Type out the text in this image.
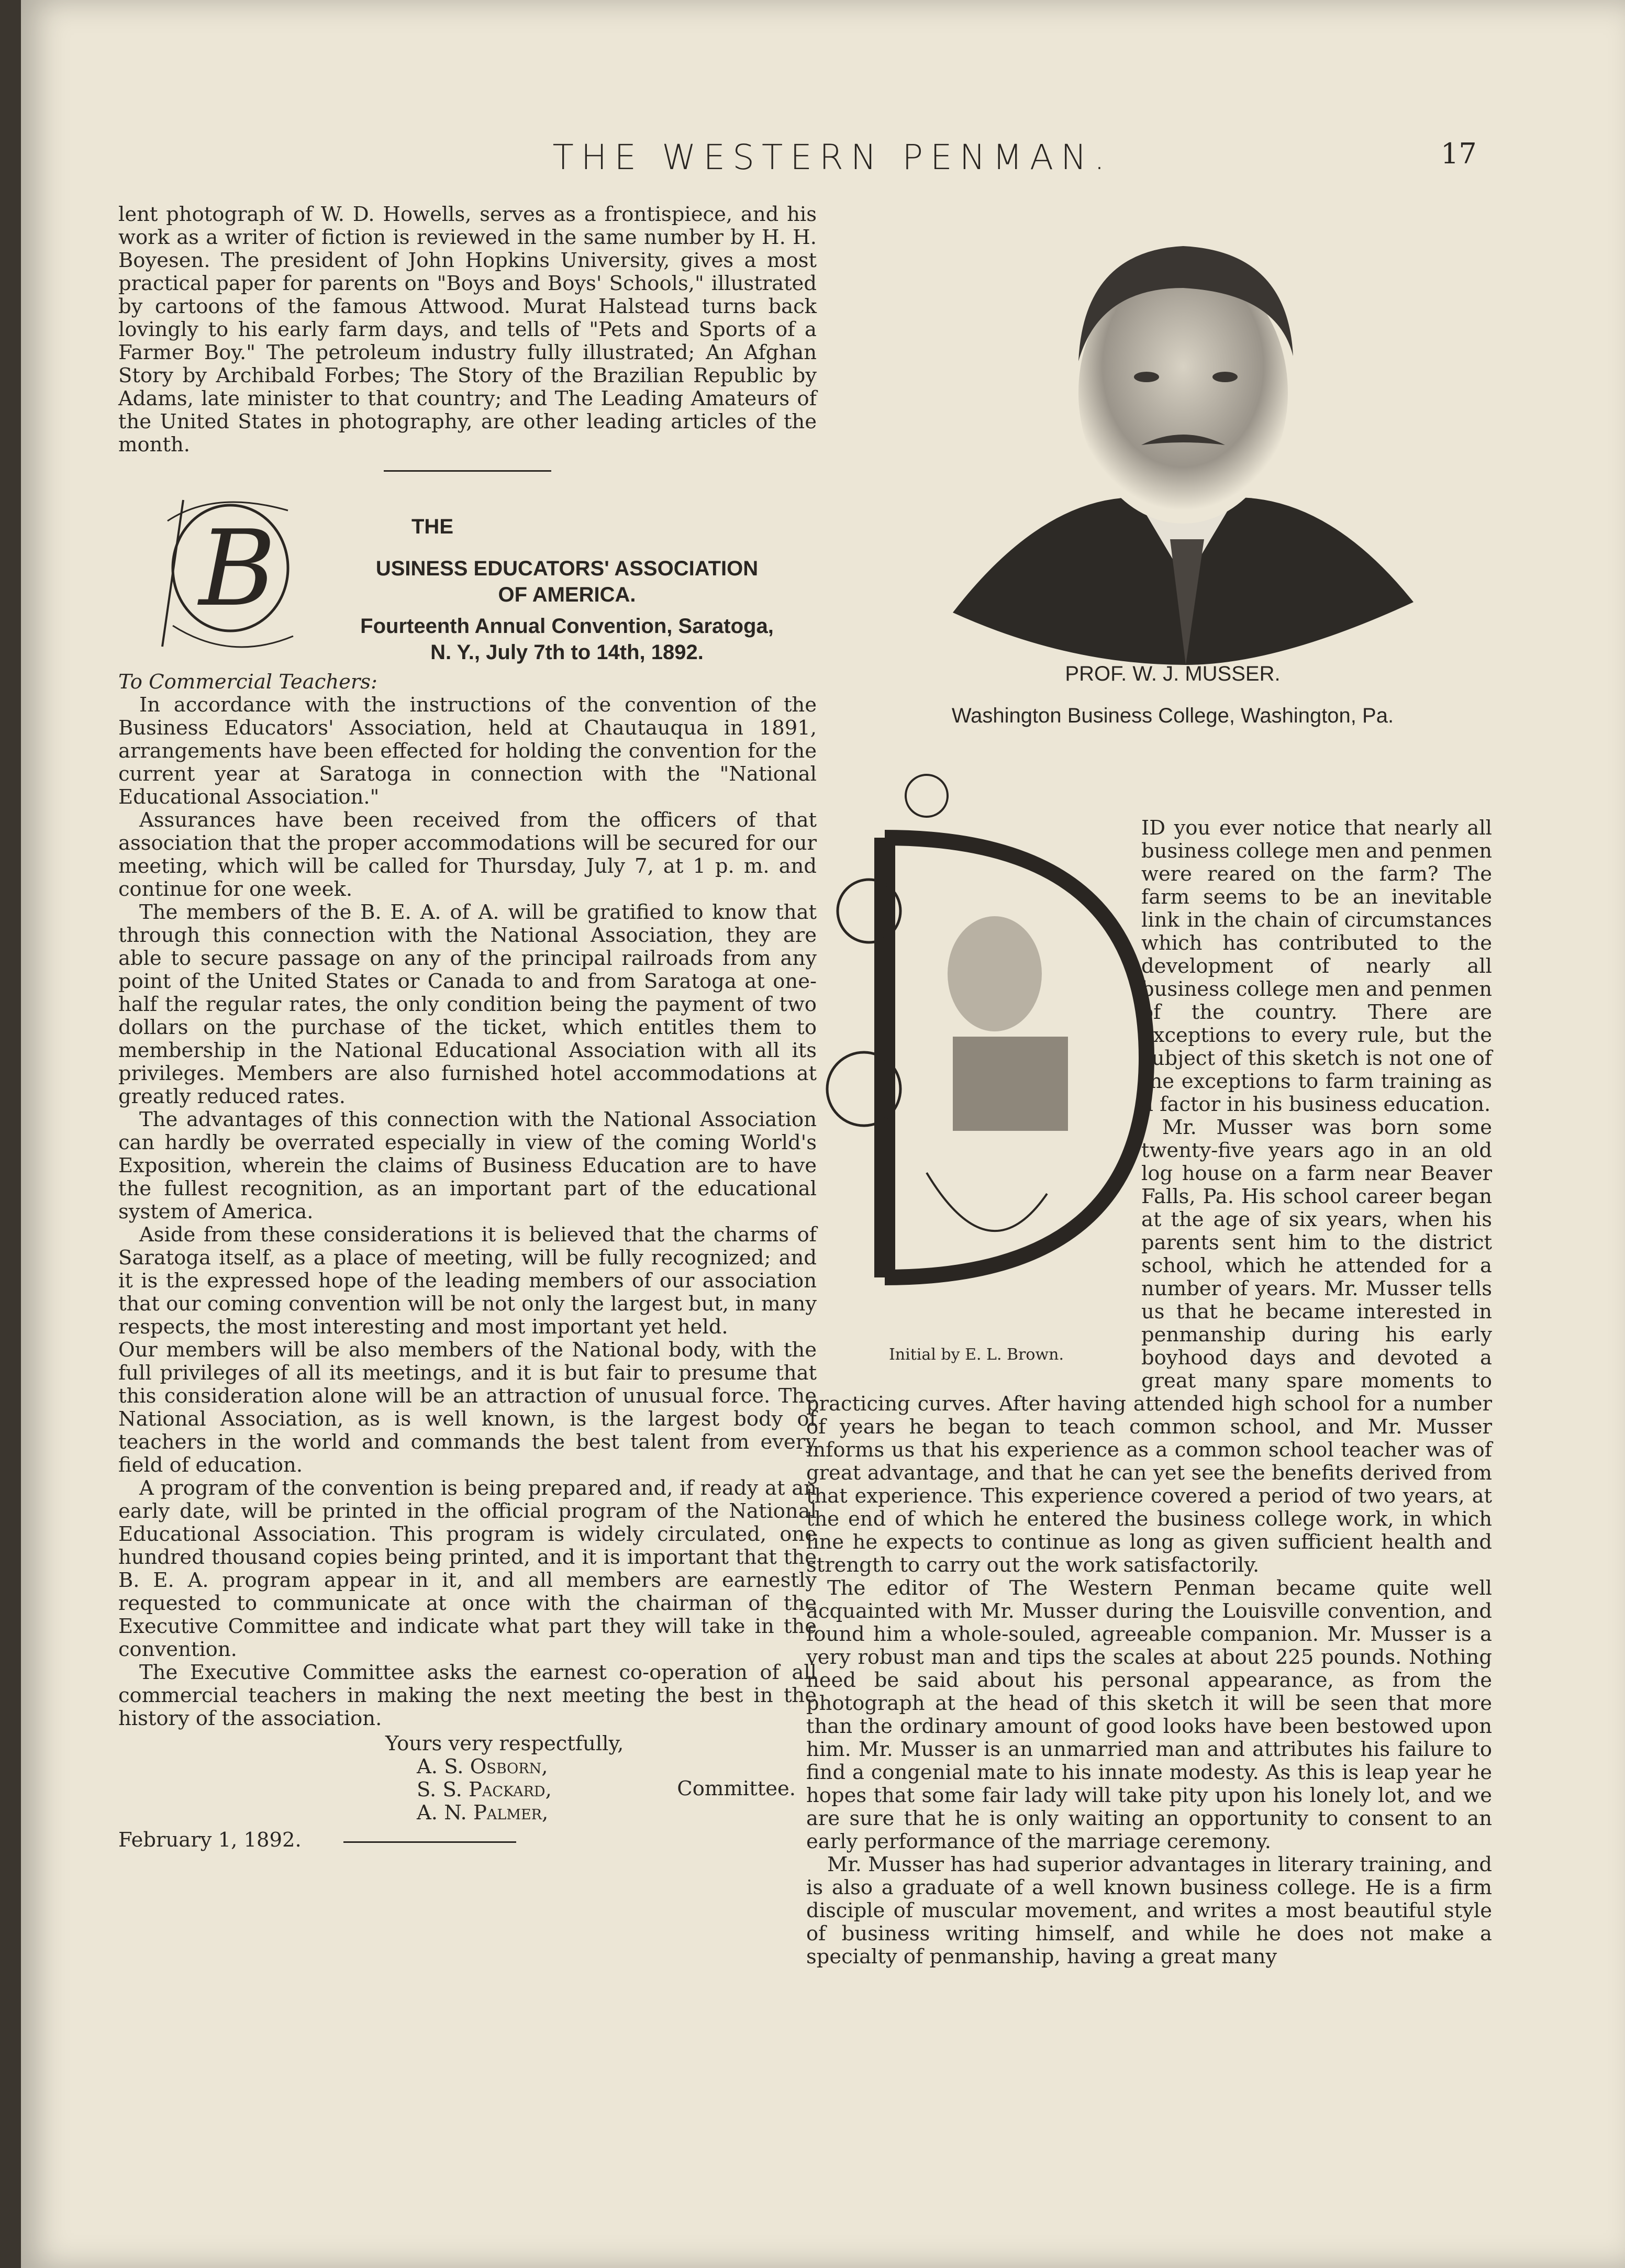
THE WESTERN PENMAN.	17
PROF. W. J. MUSSER.
Washington Business College, Washington, Pa.
B

lent photograph of W. D. Howells, serves as a frontispiece, and his work as a writer of fiction is reviewed in the same number by H. H. Boyesen. The president of John Hopkins University, gives a most practical paper for parents on "Boys and Boys' Schools," illustrated by cartoons of the famous Attwood. Murat Halstead turns back lovingly to his early farm days, and tells of "Pets and Sports of a Farmer Boy." The petroleum industry fully illustrated; An Afghan Story by Archibald Forbes; The Story of the Brazilian Republic by Adams, late minister to that country; and The Leading Amateurs of the United States in photography, are other leading articles of the month.

THE
USINESS EDUCATORS' ASSOCIATION
OF AMERICA.
Fourteenth Annual Convention, Saratoga,
N. Y., July 7th to 14th, 1892.

To Commercial Teachers:

In accordance with the instructions of the convention of the Business Educators' Association, held at Chautauqua in 1891, arrangements have been effected for holding the convention for the current year at Saratoga in connection with the "National Educational Association."

Assurances have been received from the officers of that association that the proper accommodations will be secured for our meeting, which will be called for Thursday, July 7, at 1 p. m. and continue for one week.

The members of the B. E. A. of A. will be gratified to know that through this connection with the National Association, they are able to secure passage on any of the principal railroads from any point of the United States or Canada to and from Saratoga at one-half the regular rates, the only condition being the payment of two dollars on the purchase of the ticket, which entitles them to membership in the National Educational Association with all its privileges. Members are also furnished hotel accommodations at greatly reduced rates.

The advantages of this connection with the National Association can hardly be overrated especially in view of the coming World's Exposition, wherein the claims of Business Education are to have the fullest recognition, as an important part of the educational system of America.

Aside from these considerations it is believed that the charms of Saratoga itself, as a place of meeting, will be fully recognized; and it is the expressed hope of the leading members of our association that our coming convention will be not only the largest but, in many respects, the most interesting and most important yet held.

Our members will be also members of the National body, with the full privileges of all its meetings, and it is but fair to presume that this consideration alone will be an attraction of unusual force. The National Association, as is well known, is the largest body of teachers in the world and commands the best talent from every field of education.

A program of the convention is being prepared and, if ready at an early date, will be printed in the official program of the National Educational Association. This program is widely circulated, one hundred thousand copies being printed, and it is important that the B. E. A. program appear in it, and all members are earnestly requested to communicate at once with the chairman of the Executive Committee and indicate what part they will take in the convention.

The Executive Committee asks the earnest co-operation of all commercial teachers in making the next meeting the best in the history of the association.

Yours very respectfully,
A. S. Osborn,
S. S. Packard,
A. N. Palmer,
Committee.
February 1, 1892.

ID you ever notice that nearly all business college men and penmen were reared on the farm? The farm seems to be an inevitable link in the chain of circumstances which has contributed to the development of nearly all business college men and penmen of the country. There are exceptions to every rule, but the subject of this sketch is not one of the exceptions to farm training as a factor in his business education.

Mr. Musser was born some twenty-five years ago in an old log house on a farm near Beaver Falls, Pa. His school career began at the age of six years, when his parents sent him to the district school, which he attended for a number of years. Mr. Musser tells us that he became interested in penmanship during his early boyhood days and devoted a great many spare moments to practicing curves. After having attended high school for a number of years he began to teach common school, and Mr. Musser informs us that his experience as a common school teacher was of great advantage, and that he can yet see the benefits derived from that experience. This experience covered a period of two years, at the end of which he entered the business college work, in which line he expects to continue as long as given sufficient health and strength to carry out the work satisfactorily.

The editor of The Western Penman became quite well acquainted with Mr. Musser during the Louisville convention, and found him a whole-souled, agreeable companion. Mr. Musser is a very robust man and tips the scales at about 225 pounds. Nothing need be said about his personal appearance, as from the photograph at the head of this sketch it will be seen that more than the ordinary amount of good looks have been bestowed upon him. Mr. Musser is an unmarried man and attributes his failure to find a congenial mate to his innate modesty. As this is leap year he hopes that some fair lady will take pity upon his lonely lot, and we are sure that he is only waiting an opportunity to consent to an early performance of the marriage ceremony.

Mr. Musser has had superior advantages in literary training, and is also a graduate of a well known business college. He is a firm disciple of muscular movement, and writes a most beautiful style of business writing himself, and while he does not make a specialty of penmanship, having a great many

Initial by E. L. Brown.
